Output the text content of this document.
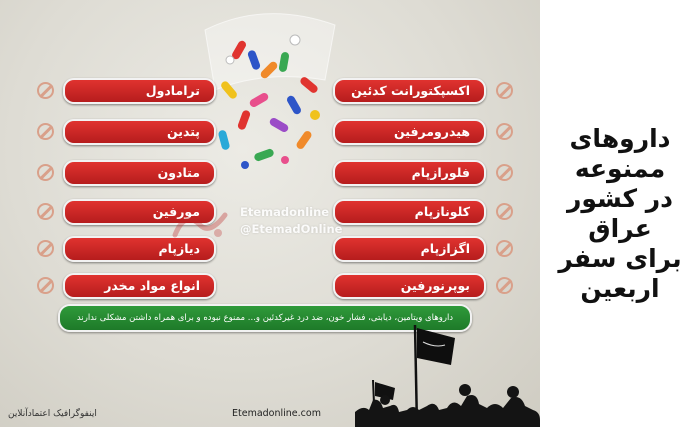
اکسپکتورانت کدئین
هیدرومرفین
فلورازپام
کلونازپام
اگزازپام
بوپرنورفین
ترامادول
پتدین
متادون
مورفین
دیازپام
انواع مواد مخدر
Etemadonline
@EtemadOnline
داروهای ویتامین، دیابتی، فشار خون، ضد درد غیرکدئین و... ممنوع نبوده و برای همراه داشتن مشکلی ندارند
اینفوگرافیک اعتمادآنلاین	Etemadonline.com
داروهای
ممنوعه
در کشور عراق
برای سفر
اربعین
